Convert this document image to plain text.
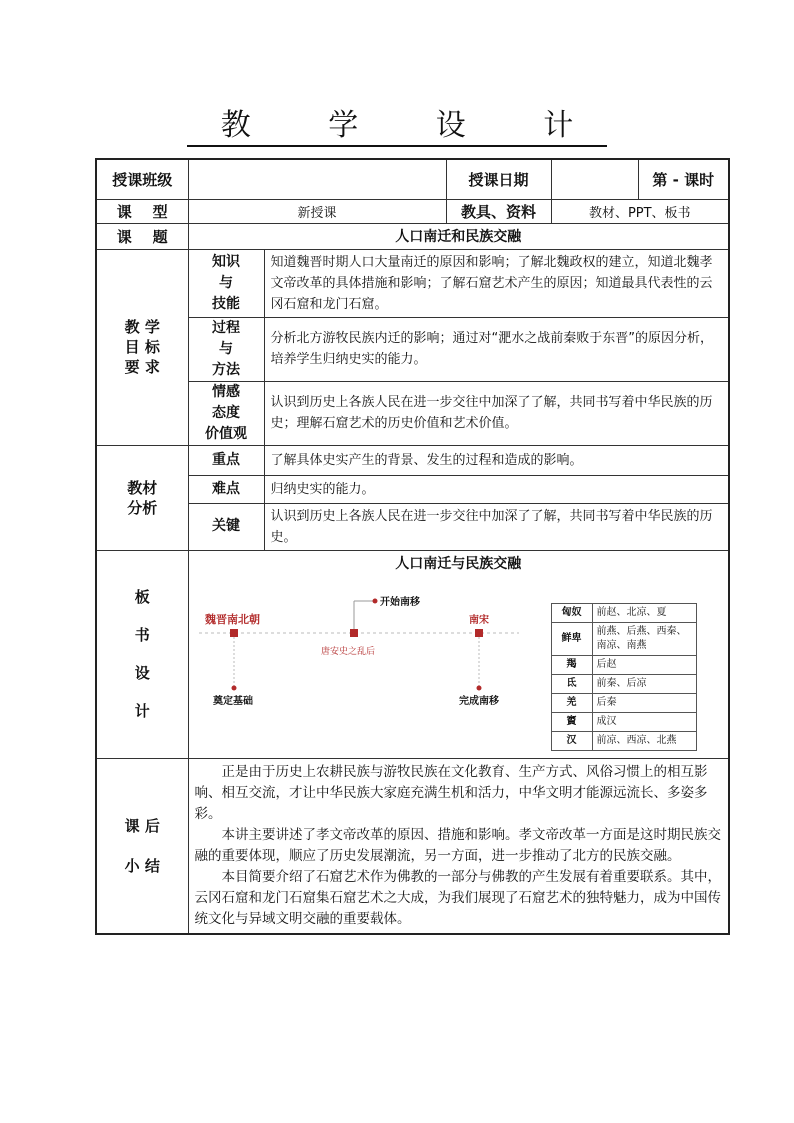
教 学 设 计
授课班级		授课日期		第 - 课时
课    型	新授课	教具、资料	教材、PPT、板书
课    题	人口南迁和民族交融
教 学
目 标
要 求	知识
与
技能	知道魏晋时期人口大量南迁的原因和影响；了解北魏政权的建立，知道北魏孝文帝改革的具体措施和影响；了解石窟艺术产生的原因；知道最具代表性的云冈石窟和龙门石窟。
过程
与
方法	分析北方游牧民族内迁的影响；通过对“淝水之战前秦败于东晋”的原因分析，培养学生归纳史实的能力。
情感
态度
价值观	认识到历史上各族人民在进一步交往中加深了了解，共同书写着中华民族的历史；理解石窟艺术的历史价值和艺术价值。
教材
分析	重点	了解具体史实产生的背景、发生的过程和造成的影响。
难点	归纳史实的能力。
关键	认识到历史上各族人民在进一步交往中加深了了解，共同书写着中华民族的历史。
板

书

设

计	
人口南迁与民族交融
魏晋南北朝
唐安史之乱后
南宋
开始南移
奠定基础	完成南移
匈奴	前赵、北凉、夏
鲜卑	前燕、后燕、西秦、南凉、南燕
羯	后赵
氐	前秦、后凉
羌	后秦
賨	成汉
汉	前凉、西凉、北燕

课 后

小 结	

正是由于历史上农耕民族与游牧民族在文化教育、生产方式、风俗习惯上的相互影响、相互交流，才让中华民族大家庭充满生机和活力，中华文明才能源远流长、多姿多彩。

本讲主要讲述了孝文帝改革的原因、措施和影响。孝文帝改革一方面是这时期民族交融的重要体现，顺应了历史发展潮流，另一方面，进一步推动了北方的民族交融。

本目简要介绍了石窟艺术作为佛教的一部分与佛教的产生发展有着重要联系。其中，云冈石窟和龙门石窟集石窟艺术之大成，为我们展现了石窟艺术的独特魅力，成为中国传统文化与异域文明交融的重要载体。
